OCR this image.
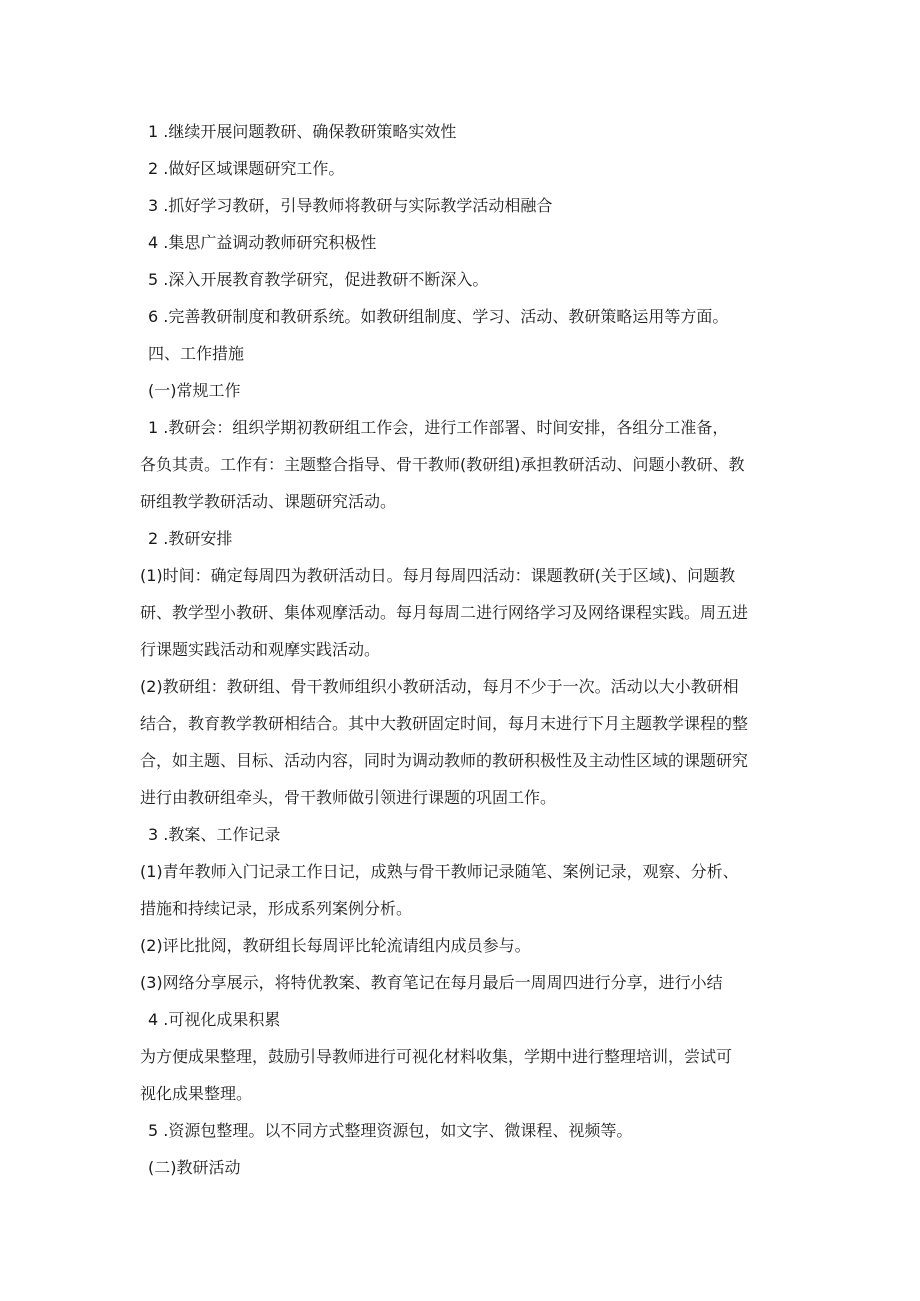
1 .继续开展问题教研、确保教研策略实效性
2 .做好区域课题研究工作。
3 .抓好学习教研，引导教师将教研与实际教学活动相融合
4 .集思广益调动教师研究积极性
5 .深入开展教育教学研究，促进教研不断深入。
6 .完善教研制度和教研系统。如教研组制度、学习、活动、教研策略运用等方面。
四、工作措施
(一)常规工作
1 .教研会：组织学期初教研组工作会，进行工作部署、时间安排，各组分工准备，
各负其责。工作有：主题整合指导、骨干教师(教研组)承担教研活动、问题小教研、教
研组教学教研活动、课题研究活动。
2 .教研安排
(1)时间：确定每周四为教研活动日。每月每周四活动：课题教研(关于区域)、问题教
研、教学型小教研、集体观摩活动。每月每周二进行网络学习及网络课程实践。周五进
行课题实践活动和观摩实践活动。
(2)教研组：教研组、骨干教师组织小教研活动，每月不少于一次。活动以大小教研相
结合，教育教学教研相结合。其中大教研固定时间，每月末进行下月主题教学课程的整
合，如主题、目标、活动内容，同时为调动教师的教研积极性及主动性区域的课题研究
进行由教研组牵头，骨干教师做引领进行课题的巩固工作。
3 .教案、工作记录
(1)青年教师入门记录工作日记，成熟与骨干教师记录随笔、案例记录，观察、分析、
措施和持续记录，形成系列案例分析。
(2)评比批阅，教研组长每周评比轮流请组内成员参与。
(3)网络分享展示，将特优教案、教育笔记在每月最后一周周四进行分享，进行小结
4 .可视化成果积累
为方便成果整理，鼓励引导教师进行可视化材料收集，学期中进行整理培训，尝试可
视化成果整理。
5 .资源包整理。以不同方式整理资源包，如文字、微课程、视频等。
(二)教研活动
